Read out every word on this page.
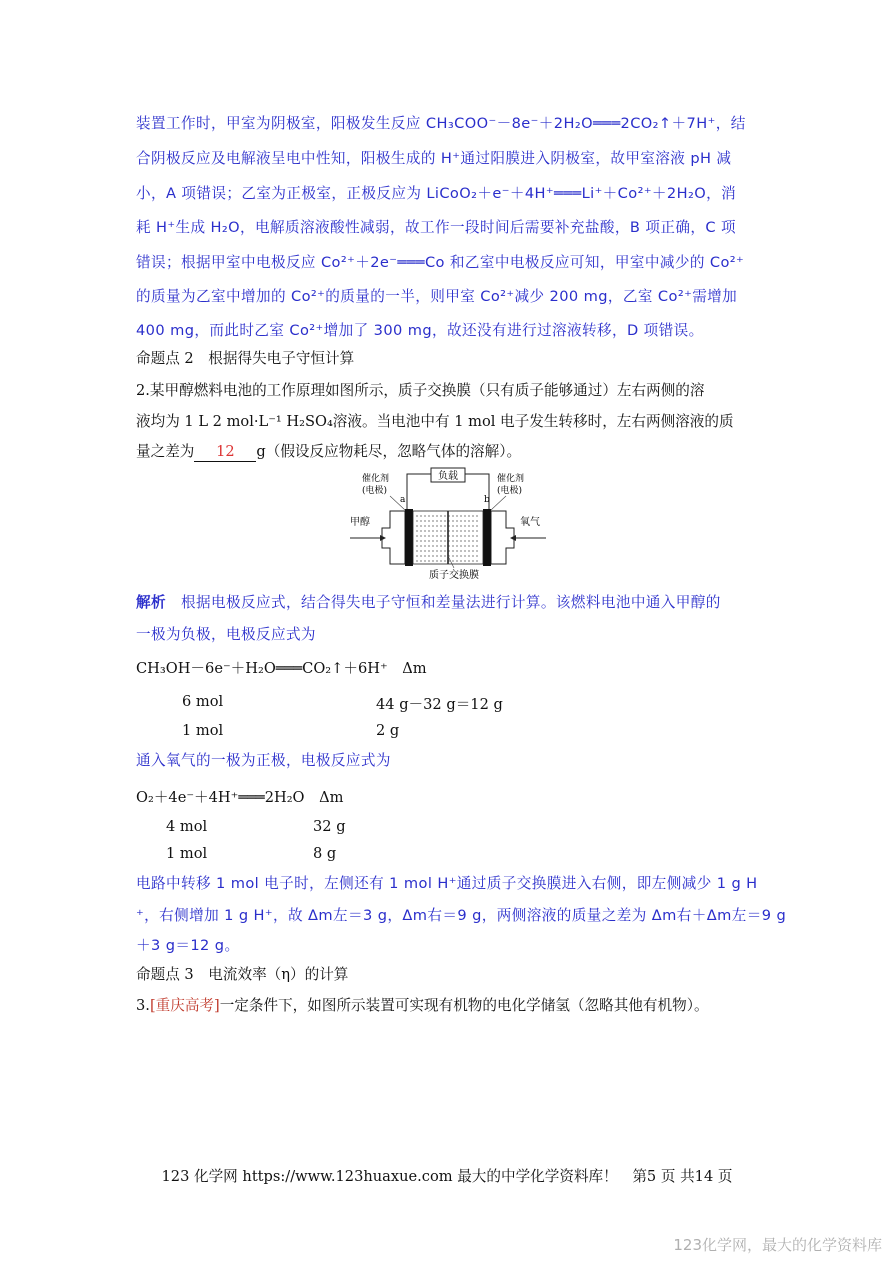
装置工作时，甲室为阴极室，阳极发生反应 CH₃COO⁻－8e⁻＋2H₂O═══2CO₂↑＋7H⁺，结

合阴极反应及电解液呈电中性知，阳极生成的 H⁺通过阳膜进入阴极室，故甲室溶液 pH 减

小，A 项错误；乙室为正极室，正极反应为 LiCoO₂＋e⁻＋4H⁺═══Li⁺＋Co²⁺＋2H₂O，消

耗 H⁺生成 H₂O，电解质溶液酸性减弱，故工作一段时间后需要补充盐酸，B 项正确，C 项

错误；根据甲室中电极反应 Co²⁺＋2e⁻═══Co 和乙室中电极反应可知，甲室中减少的 Co²⁺

的质量为乙室中增加的 Co²⁺的质量的一半，则甲室 Co²⁺减少 200 mg，乙室 Co²⁺需增加

400 mg，而此时乙室 Co²⁺增加了 300 mg，故还没有进行过溶液转移，D 项错误。

命题点 2　根据得失电子守恒计算

2.某甲醇燃料电池的工作原理如图所示，质子交换膜（只有质子能够通过）左右两侧的溶

液均为 1 L 2 mol·L⁻¹ H₂SO₄溶液。当电池中有 1 mol 电子发生转移时，左右两侧溶液的质

量之差为 12 g（假设反应物耗尽，忽略气体的溶解）。

负载
催化剂
(电极)
催化剂
(电极)
a	b
甲醇	氧气
质子交换膜

解析　 根据电极反应式，结合得失电子守恒和差量法进行计算。该燃料电池中通入甲醇的

一极为负极，电极反应式为

CH₃OH－6e⁻＋H₂O═══CO₂↑＋6H⁺　Δm

6 mol	44 g－32 g＝12 g

1 mol	2 g

通入氧气的一极为正极，电极反应式为

O₂＋4e⁻＋4H⁺═══2H₂O　Δm

4 mol	32 g

1 mol	8 g

电路中转移 1 mol 电子时，左侧还有 1 mol H⁺通过质子交换膜进入右侧，即左侧减少 1 g H

⁺，右侧增加 1 g H⁺，故 Δm左＝3 g，Δm右＝9 g，两侧溶液的质量之差为 Δm右＋Δm左＝9 g

＋3 g＝12 g。

命题点 3　电流效率（η）的计算

3.[重庆高考]一定条件下，如图所示装置可实现有机物的电化学储氢（忽略其他有机物）。

123 化学网 https://www.123huaxue.com 最大的中学化学资料库！　第5 页 共14 页
123化学网，最大的化学资料库
